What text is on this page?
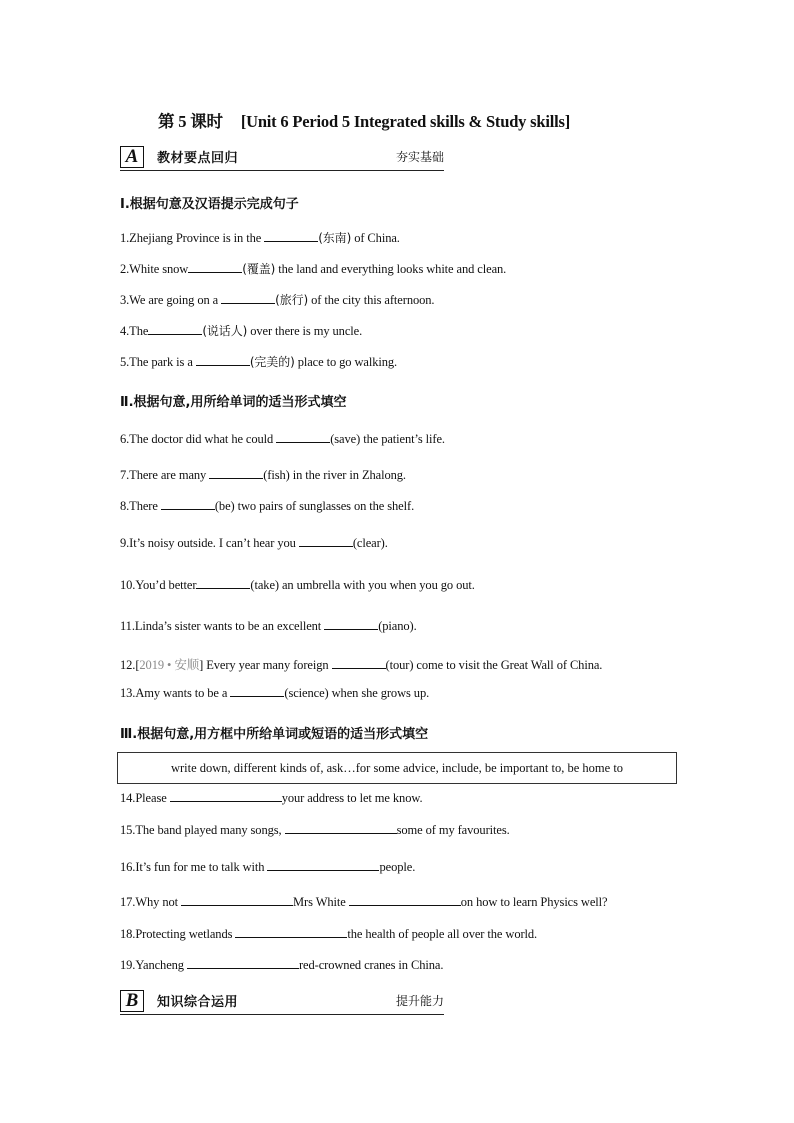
第 5 课时 [Unit 6 Period 5 Integrated skills & Study skills]
A	教材要点回归	夯实基础
Ⅰ.根据句意及汉语提示完成句子
1.Zhejiang Province is in the	(东南) of China.
2.White snow	(覆盖) the land and everything looks white and clean.
3.We are going on a	(旅行) of the city this afternoon.
4.The	(说话人) over there is my uncle.
5.The park is a	(完美的) place to go walking.
Ⅱ.根据句意,用所给单词的适当形式填空
6.The doctor did what he could	(save) the patient’s life.
7.There are many	(fish) in the river in Zhalong.
8.There	(be) two pairs of sunglasses on the shelf.
9.It’s noisy outside. I can’t hear you	(clear).
10.You’d better	(take) an umbrella with you when you go out.
11.Linda’s sister wants to be an excellent	(piano).
12.[2019 • 安顺] Every year many foreign	(tour) come to visit the Great Wall of China.
13.Amy wants to be a	(science) when she grows up.
Ⅲ.根据句意,用方框中所给单词或短语的适当形式填空
write down, different kinds of, ask…for some advice, include, be important to, be home to
14.Please	your address to let me know.
15.The band played many songs,	some of my favourites.
16.It’s fun for me to talk with	people.
17.Why not	Mrs White	on how to learn Physics well?
18.Protecting wetlands	the health of people all over the world.
19.Yancheng	red-crowned cranes in China.
B	知识综合运用	提升能力
